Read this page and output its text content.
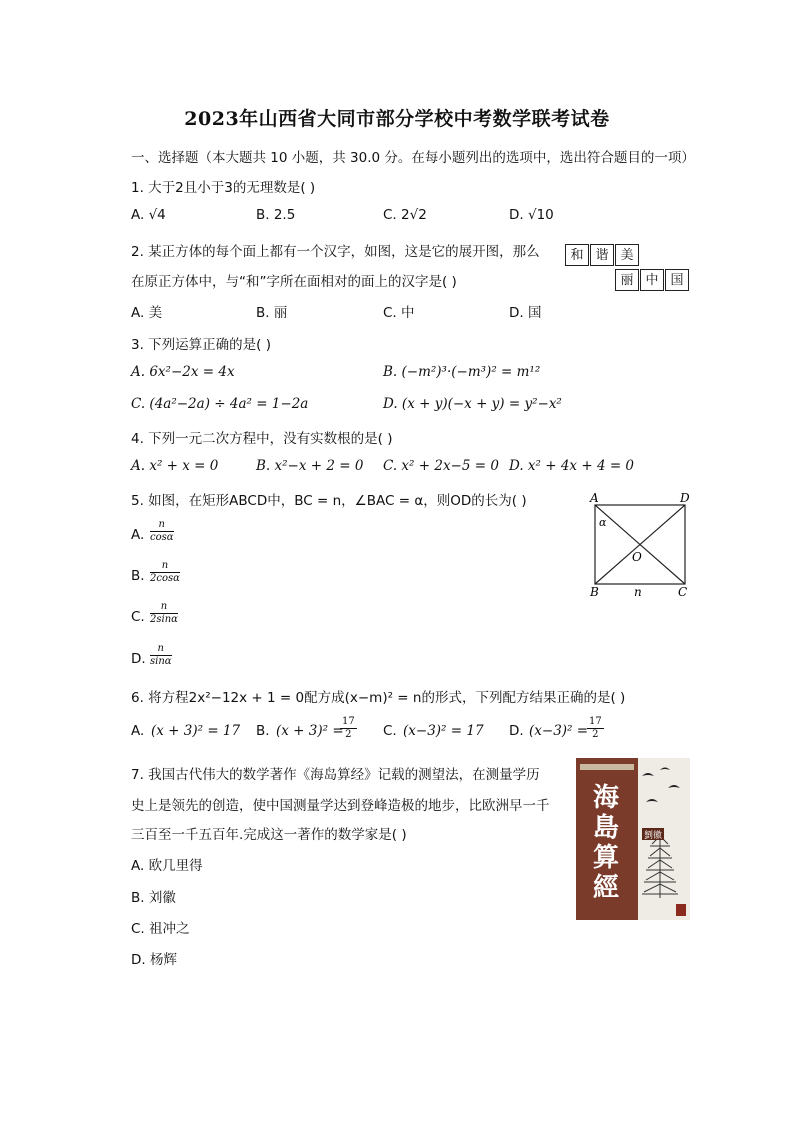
2023年山西省大同市部分学校中考数学联考试卷
一、选择题（本大题共 10 小题，共 30.0 分。在每小题列出的选项中，选出符合题目的一项）
1. 大于2且小于3的无理数是( )
A. √4	B. 2.5	C. 2√2	D. √10
2. 某正方体的每个面上都有一个汉字，如图，这是它的展开图，那么
在原正方体中，与“和”字所在面相对的面上的汉字是( )
A. 美	B. 丽	C. 中	D. 国
和 谐 美
丽 中 国
3. 下列运算正确的是( )
A. 6x²−2x = 4x	B. (−m²)³·(−m³)² = m¹²
C. (4a²−2a) ÷ 4a² = 1−2a	D. (x + y)(−x + y) = y²−x²
4. 下列一元二次方程中，没有实数根的是( )
A. x² + x = 0	B. x²−x + 2 = 0 C. x² + 2x−5 = 0 D. x² + 4x + 4 = 0
5. 如图，在矩形ABCD中，BC = n，∠BAC = α，则OD的长为( )
A. $\frac{n}{\cos\alpha}$
B. $\frac{n}{2\cos\alpha}$
C. $\frac{n}{2\sin\alpha}$
D. $\frac{n}{\sin\alpha}$
A	D
B	C
O
n
α
6. 将方程2x²−12x + 1 = 0配方成(x−m)² = n的形式，下列配方结果正确的是( )
A. (x + 3)² = 17 B. (x + 3)² =
$\frac{17}{2} C$. (x−3)² = 17 D. (x−3)² =
$\frac{17}{2}$
7. 我国古代伟大的数学著作《海岛算经》记载的测望法，在测量学历
史上是领先的创造，使中国测量学达到登峰造极的地步，比欧洲早一千
三百至一千五百年.完成这一著作的数学家是( )
A. 欧几里得
B. 刘徽
C. 祖冲之
D. 杨辉
海
島
算
經
劉徽
